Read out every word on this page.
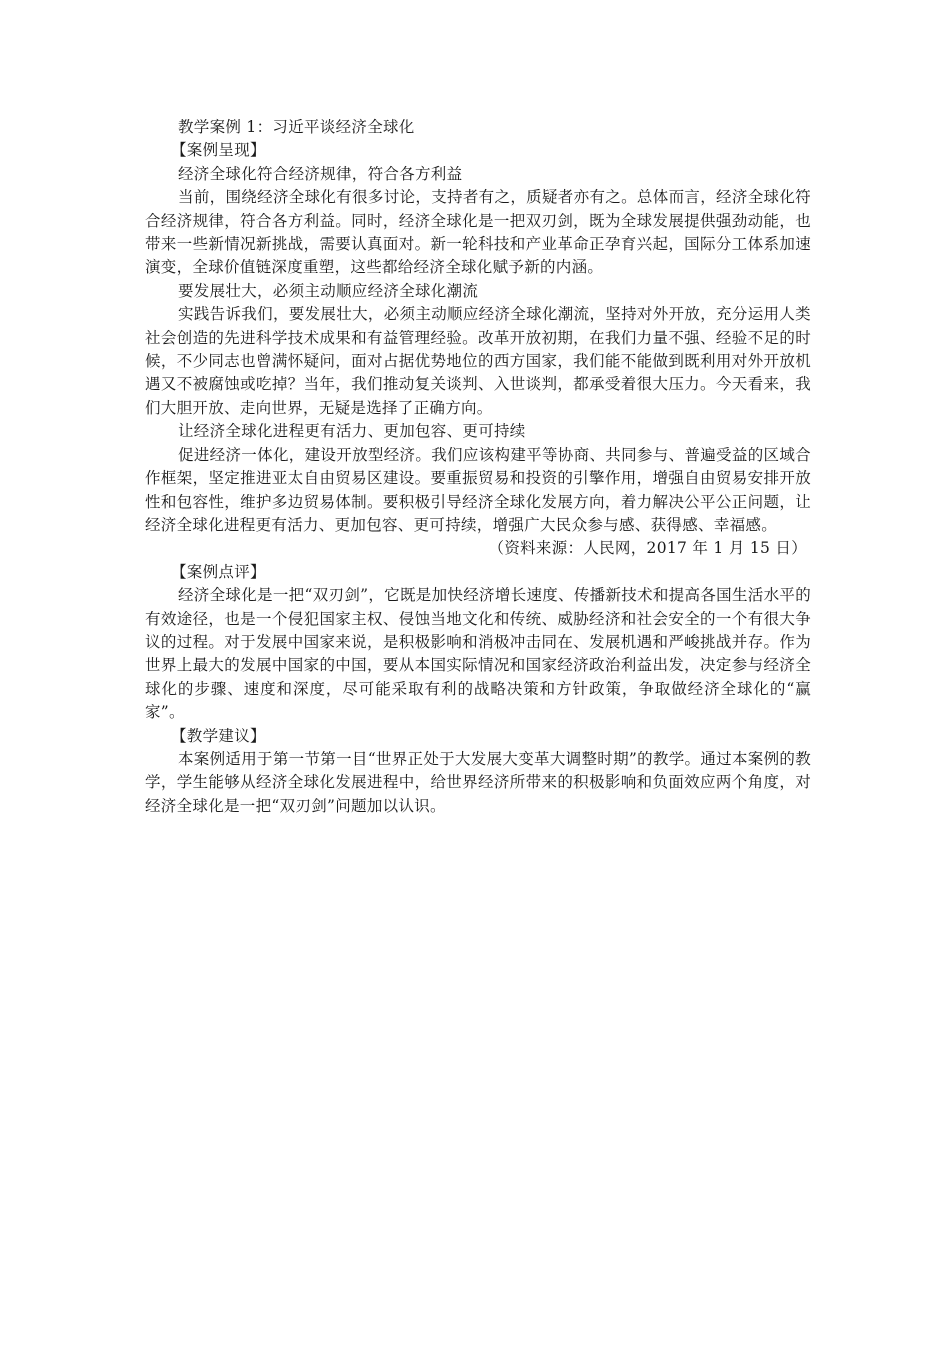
教学案例 1：习近平谈经济全球化

【案例呈现】

经济全球化符合经济规律，符合各方利益

当前，围绕经济全球化有很多讨论，支持者有之，质疑者亦有之。总体而言，经济全球化符合经济规律，符合各方利益。同时，经济全球化是一把双刃剑，既为全球发展提供强劲动能，也带来一些新情况新挑战，需要认真面对。新一轮科技和产业革命正孕育兴起，国际分工体系加速演变，全球价值链深度重塑，这些都给经济全球化赋予新的内涵。

要发展壮大，必须主动顺应经济全球化潮流

实践告诉我们，要发展壮大，必须主动顺应经济全球化潮流，坚持对外开放，充分运用人类社会创造的先进科学技术成果和有益管理经验。改革开放初期，在我们力量不强、经验不足的时候，不少同志也曾满怀疑问，面对占据优势地位的西方国家，我们能不能做到既利用对外开放机遇又不被腐蚀或吃掉？当年，我们推动复关谈判、入世谈判，都承受着很大压力。今天看来，我们大胆开放、走向世界，无疑是选择了正确方向。

让经济全球化进程更有活力、更加包容、更可持续

促进经济一体化，建设开放型经济。我们应该构建平等协商、共同参与、普遍受益的区域合作框架，坚定推进亚太自由贸易区建设。要重振贸易和投资的引擎作用，增强自由贸易安排开放性和包容性，维护多边贸易体制。要积极引导经济全球化发展方向，着力解决公平公正问题，让经济全球化进程更有活力、更加包容、更可持续，增强广大民众参与感、获得感、幸福感。

（资料来源：人民网，2017 年 1 月 15 日）

【案例点评】

经济全球化是一把“双刃剑”，它既是加快经济增长速度、传播新技术和提高各国生活水平的有效途径，也是一个侵犯国家主权、侵蚀当地文化和传统、威胁经济和社会安全的一个有很大争议的过程。对于发展中国家来说，是积极影响和消极冲击同在、发展机遇和严峻挑战并存。作为世界上最大的发展中国家的中国，要从本国实际情况和国家经济政治利益出发，决定参与经济全球化的步骤、速度和深度，尽可能采取有利的战略决策和方针政策，争取做经济全球化的“赢家”。

【教学建议】

本案例适用于第一节第一目“世界正处于大发展大变革大调整时期”的教学。通过本案例的教学，学生能够从经济全球化发展进程中，给世界经济所带来的积极影响和负面效应两个角度，对经济全球化是一把“双刃剑”问题加以认识。
